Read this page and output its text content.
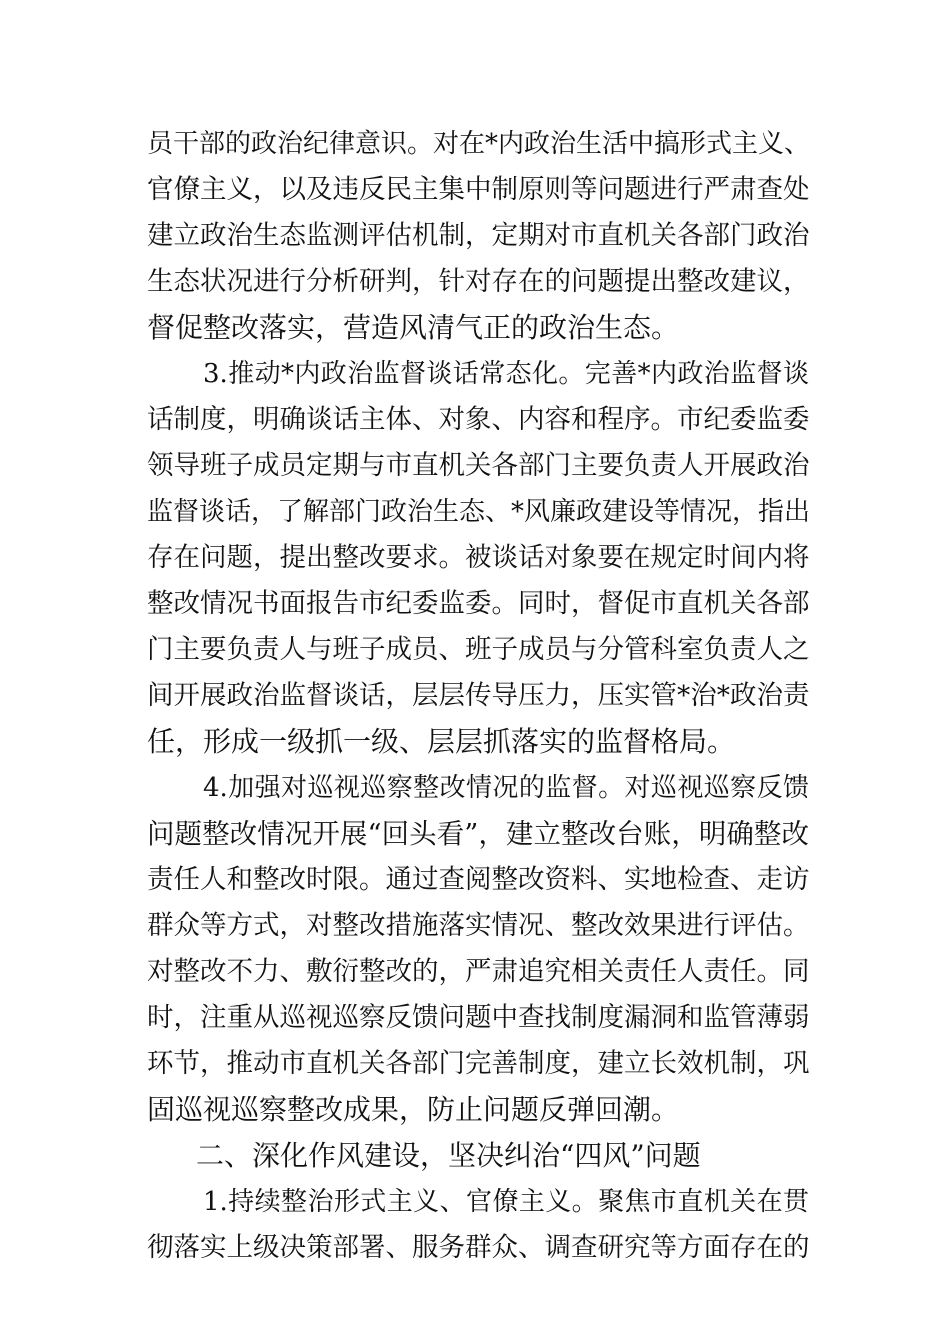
员干部的政治纪律意识。对在*内政治生活中搞形式主义、
官僚主义，以及违反民主集中制原则等问题进行严肃查处
建立政治生态监测评估机制，定期对市直机关各部门政治
生态状况进行分析研判，针对存在的问题提出整改建议，
督促整改落实，营造风清气正的政治生态。
3.推动*内政治监督谈话常态化。完善*内政治监督谈
话制度，明确谈话主体、对象、内容和程序。市纪委监委
领导班子成员定期与市直机关各部门主要负责人开展政治
监督谈话，了解部门政治生态、*风廉政建设等情况，指出
存在问题，提出整改要求。被谈话对象要在规定时间内将
整改情况书面报告市纪委监委。同时，督促市直机关各部
门主要负责人与班子成员、班子成员与分管科室负责人之
间开展政治监督谈话，层层传导压力，压实管*治*政治责
任，形成一级抓一级、层层抓落实的监督格局。
4.加强对巡视巡察整改情况的监督。对巡视巡察反馈
问题整改情况开展“回头看”，建立整改台账，明确整改
责任人和整改时限。通过查阅整改资料、实地检查、走访
群众等方式，对整改措施落实情况、整改效果进行评估。
对整改不力、敷衍整改的，严肃追究相关责任人责任。同
时，注重从巡视巡察反馈问题中查找制度漏洞和监管薄弱
环节，推动市直机关各部门完善制度，建立长效机制，巩
固巡视巡察整改成果，防止问题反弹回潮。
二、深化作风建设，坚决纠治“四风”问题
1.持续整治形式主义、官僚主义。聚焦市直机关在贯
彻落实上级决策部署、服务群众、调查研究等方面存在的
